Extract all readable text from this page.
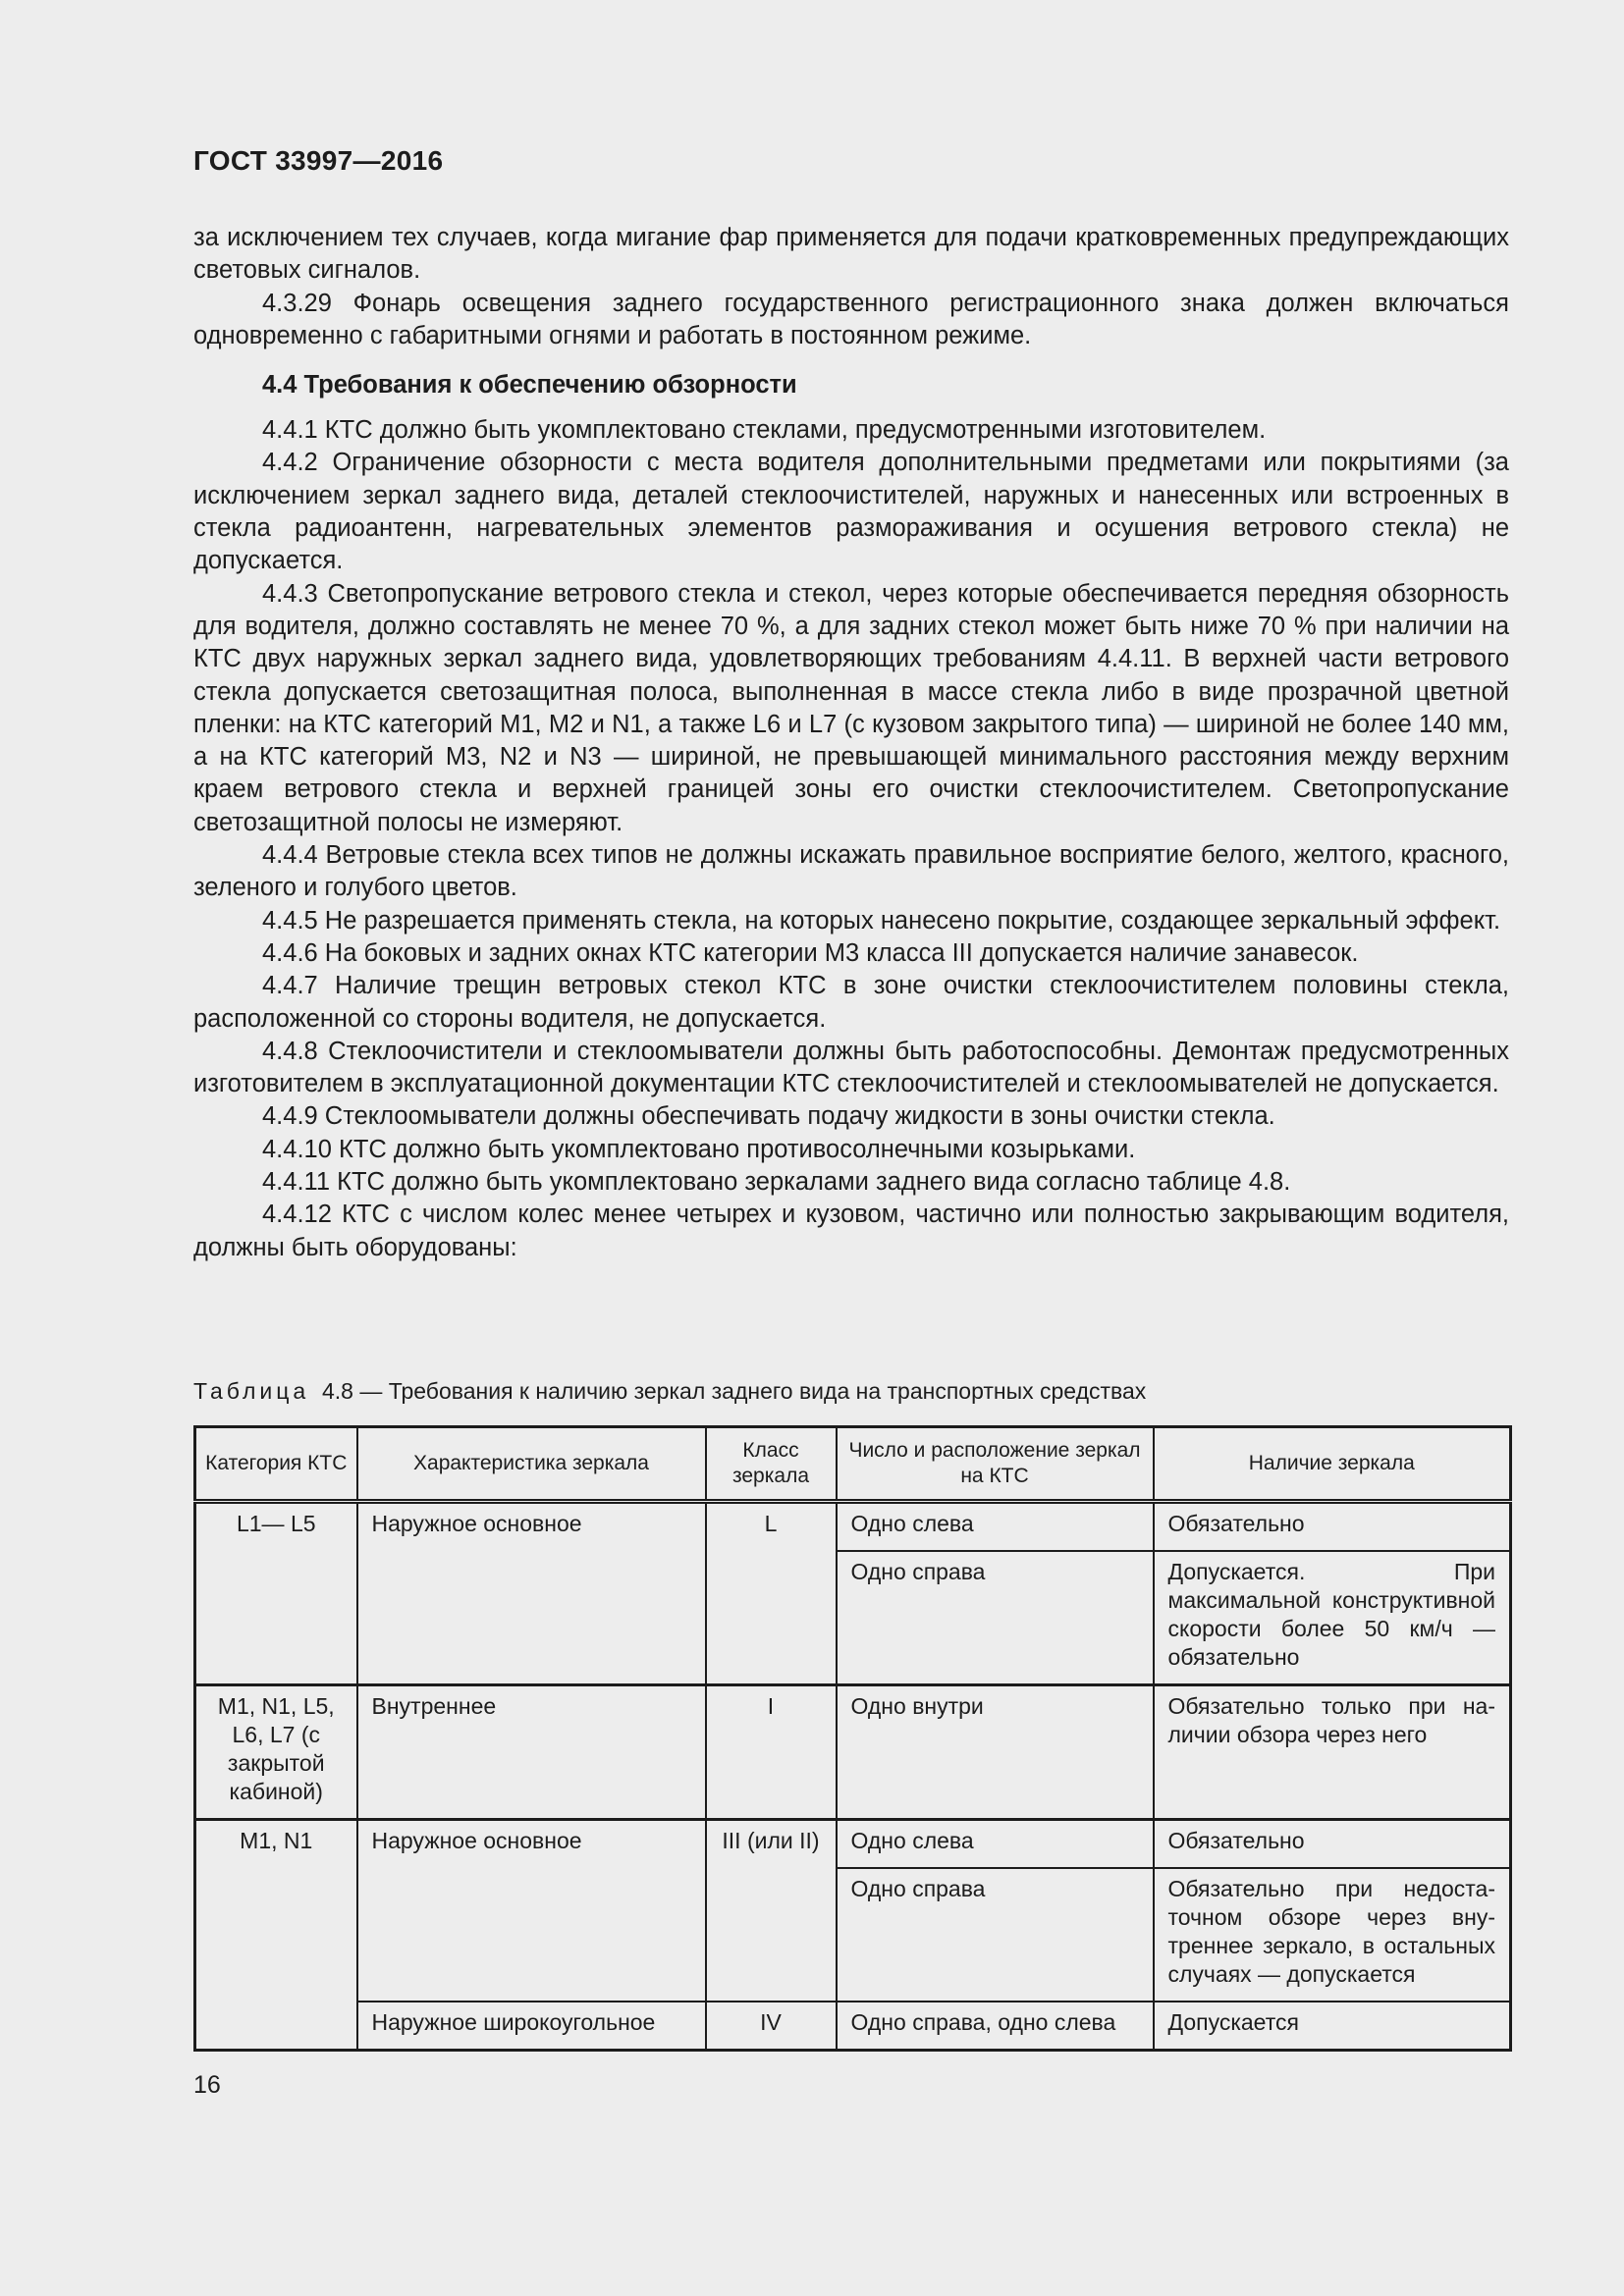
ГОСТ 33997—2016

за исключением тех случаев, когда мигание фар применяется для подачи кратковременных предупреждающих световых сигналов.

4.3.29 Фонарь освещения заднего государственного регистрационного знака должен включаться одновременно с габаритными огнями и работать в постоянном режиме.

4.4 Требования к обеспечению обзорности

4.4.1 КТС должно быть укомплектовано стеклами, предусмотренными изготовителем.

4.4.2 Ограничение обзорности с места водителя дополнительными предметами или покрытиями (за исключением зеркал заднего вида, деталей стеклоочистителей, наружных и нанесенных или встроенных в стекла радиоантенн, нагревательных элементов размораживания и осушения ветрового стекла) не допускается.

4.4.3 Светопропускание ветрового стекла и стекол, через которые обеспечивается передняя обзорность для водителя, должно составлять не менее 70 %, а для задних стекол может быть ниже 70 % при наличии на КТС двух наружных зеркал заднего вида, удовлетворяющих требованиям 4.4.11. В верхней части ветрового стекла допускается светозащитная полоса, выполненная в массе стекла либо в виде прозрачной цветной пленки: на КТС категорий М1, М2 и N1, а также L6 и L7 (с кузовом закрытого типа) — шириной не более 140 мм, а на КТС категорий М3, N2 и N3 — шириной, не превышающей минимального расстояния между верхним краем ветрового стекла и верхней границей зоны его очистки стеклоочистителем. Светопропускание светозащитной полосы не измеряют.

4.4.4 Ветровые стекла всех типов не должны искажать правильное восприятие белого, желтого, красного, зеленого и голубого цветов.

4.4.5 Не разрешается применять стекла, на которых нанесено покрытие, создающее зеркальный эффект.

4.4.6 На боковых и задних окнах КТС категории М3 класса III допускается наличие занавесок.

4.4.7 Наличие трещин ветровых стекол КТС в зоне очистки стеклоочистителем половины стекла, расположенной со стороны водителя, не допускается.

4.4.8 Стеклоочистители и стеклоомыватели должны быть работоспособны. Демонтаж предусмотренных изготовителем в эксплуатационной документации КТС стеклоочистителей и стеклоомывателей не допускается.

4.4.9 Стеклоомыватели должны обеспечивать подачу жидкости в зоны очистки стекла.

4.4.10 КТС должно быть укомплектовано противосолнечными козырьками.

4.4.11 КТС должно быть укомплектовано зеркалами заднего вида согласно таблице 4.8.

4.4.12 КТС с числом колес менее четырех и кузовом, частично или полностью закрывающим водителя, должны быть оборудованы:

Таблица 4.8 — Требования к наличию зеркал заднего вида на транспортных средствах
Категория КТС	Характеристика зеркала	Класс зеркала	Число и расположение зеркал на КТС	Наличие зеркала
L1— L5	Наружное основное	L	Одно слева	Обязательно
			Одно справа	Допускается. При максимальной конструктивной скорости более 50 км/ч — обязательно
М1, N1, L5, L6, L7 (с закрытой кабиной)	Внутреннее	I	Одно внутри	Обязательно только при наличии обзора через него
М1, N1	Наружное основное	III (или II)	Одно слева	Обязательно
			Одно справа	Обязательно при недостаточном обзоре через внутреннее зеркало, в остальных случаях — допускается
	Наружное широкоугольное	IV	Одно справа, одно слева	Допускается
16
